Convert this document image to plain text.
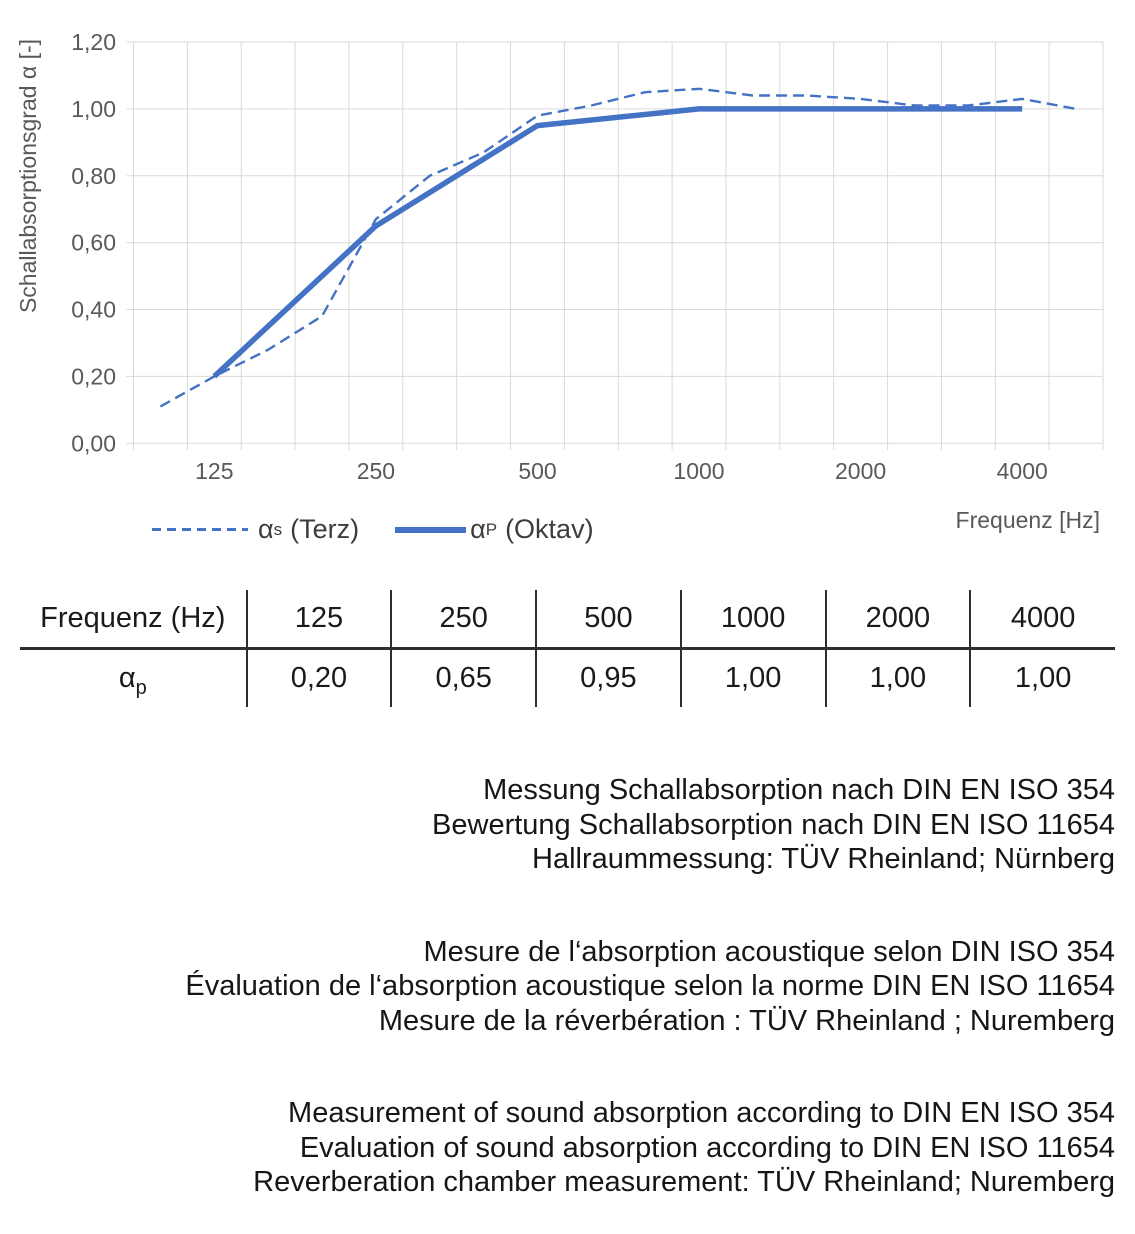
0,00
0,20
0,40
0,60
0,80
1,00
1,20
125	250	500	1000	2000	4000
Schallabsorptionsgrad α [-]
Frequenz [Hz]
α s (Terz)	α P (Oktav)
Frequenz (Hz)	125	250	500	1000	2000	4000
$\alpha_p$	0,20	0,65	0,95	1,00	1,00	1,00
Messung Schallabsorption nach DIN EN ISO 354
Bewertung Schallabsorption nach DIN EN ISO 11654
Hallraummessung: TÜV Rheinland; Nürnberg
Mesure de l‘absorption acoustique selon DIN ISO 354
Évaluation de l‘absorption acoustique selon la norme DIN EN ISO 11654
Mesure de la réverbération : TÜV Rheinland ; Nuremberg
Measurement of sound absorption according to DIN EN ISO 354
Evaluation of sound absorption according to DIN EN ISO 11654
Reverberation chamber measurement: TÜV Rheinland; Nuremberg
